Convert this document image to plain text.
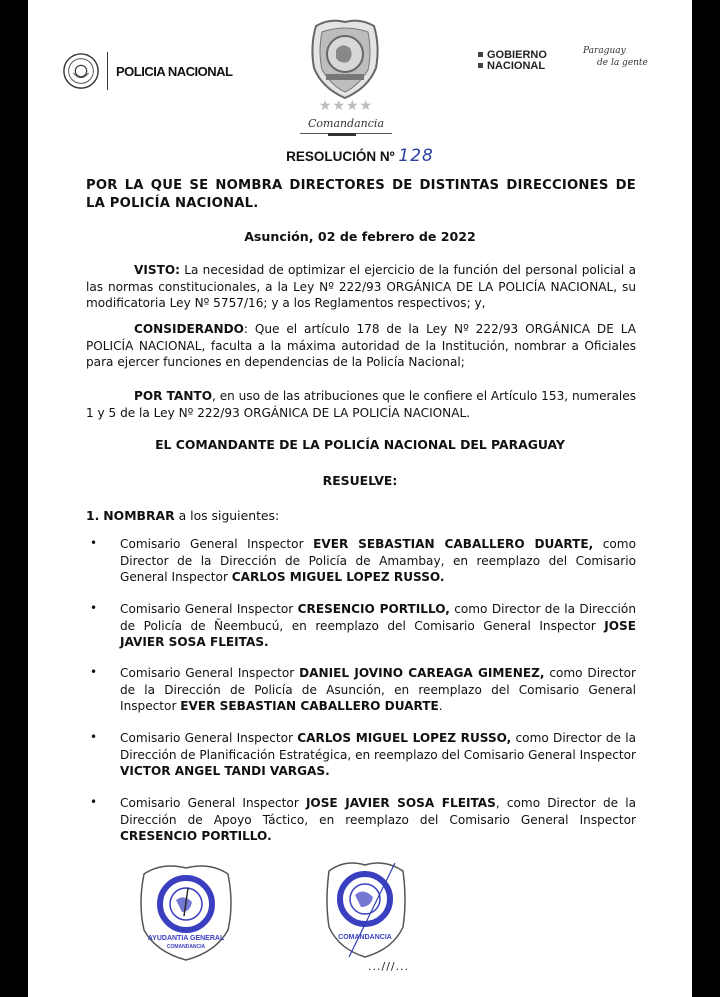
POLICIA NACIONAL
★★★★
Comandancia
GOBIERNO
NACIONAL
Paraguay
de la gente
RESOLUCIÓN Nº 128
POR LA QUE SE NOMBRA DIRECTORES DE DISTINTAS DIRECCIONES DE LA POLICÍA NACIONAL.
Asunción, 02 de febrero de 2022
VISTO: La necesidad de optimizar el ejercicio de la función del personal policial a las normas constitucionales, a la Ley Nº 222/93 ORGÁNICA DE LA POLICÍA NACIONAL, su modificatoria Ley Nº 5757/16; y a los Reglamentos respectivos; y,
CONSIDERANDO: Que el artículo 178 de la Ley Nº 222/93 ORGÁNICA DE LA POLICÍA NACIONAL, faculta a la máxima autoridad de la Institución, nombrar a Oficiales para ejercer funciones en dependencias de la Policía Nacional;
POR TANTO, en uso de las atribuciones que le confiere el Artículo 153, numerales 1 y 5 de la Ley Nº 222/93 ORGÁNICA DE LA POLICÍA NACIONAL.
EL COMANDANTE DE LA POLICÍA NACIONAL DEL PARAGUAY
RESUELVE:
1. NOMBRAR a los siguientes:
• Comisario General Inspector EVER SEBASTIAN CABALLERO DUARTE, como Director de la Dirección de Policía de Amambay, en reemplazo del Comisario General Inspector CARLOS MIGUEL LOPEZ RUSSO.
• Comisario General Inspector CRESENCIO PORTILLO, como Director de la Dirección de Policía de Ñeembucú, en reemplazo del Comisario General Inspector JOSE JAVIER SOSA FLEITAS.
• Comisario General Inspector DANIEL JOVINO CAREAGA GIMENEZ, como Director de la Dirección de Policía de Asunción, en reemplazo del Comisario General Inspector EVER SEBASTIAN CABALLERO DUARTE.
• Comisario General Inspector CARLOS MIGUEL LOPEZ RUSSO, como Director de la Dirección de Planificación Estratégica, en reemplazo del Comisario General Inspector VICTOR ANGEL TANDI VARGAS.
• Comisario General Inspector JOSE JAVIER SOSA FLEITAS, como Director de la Dirección de Apoyo Táctico, en reemplazo del Comisario General Inspector CRESENCIO PORTILLO.
AYUDANTIA GENERAL
COMANDANCIA
COMANDANCIA
...///...
